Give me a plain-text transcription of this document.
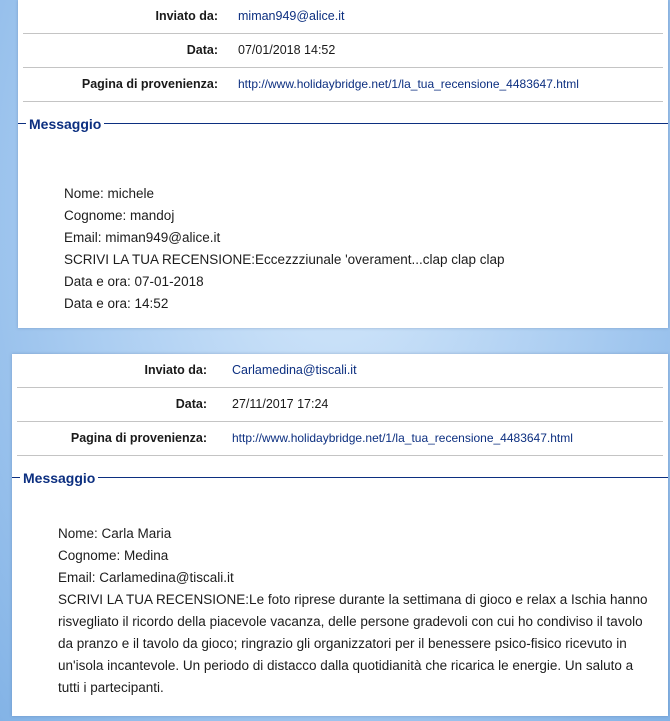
Inviato da: miman949@alice.it
Data: 07/01/2018 14:52
Pagina di provenienza: http://www.holidaybridge.net/1/la_tua_recensione_4483647.html
Messaggio
Nome: michele
Cognome: mandoj
Email: miman949@alice.it
SCRIVI LA TUA RECENSIONE:Eccezzziunale 'overament...clap clap clap
Data e ora: 07-01-2018
Data e ora: 14:52
Inviato da: Carlamedina@tiscali.it
Data: 27/11/2017 17:24
Pagina di provenienza: http://www.holidaybridge.net/1/la_tua_recensione_4483647.html
Messaggio
Nome: Carla Maria
Cognome: Medina
Email: Carlamedina@tiscali.it
SCRIVI LA TUA RECENSIONE:Le foto riprese durante la settimana di gioco e relax a Ischia hanno risvegliato il ricordo della piacevole vacanza, delle persone gradevoli con cui ho condiviso il tavolo da pranzo e il tavolo da gioco; ringrazio gli organizzatori per il benessere psico-fisico ricevuto in un'isola incantevole. Un periodo di distacco dalla quotidianità che ricarica le energie. Un saluto a tutti i partecipanti.
